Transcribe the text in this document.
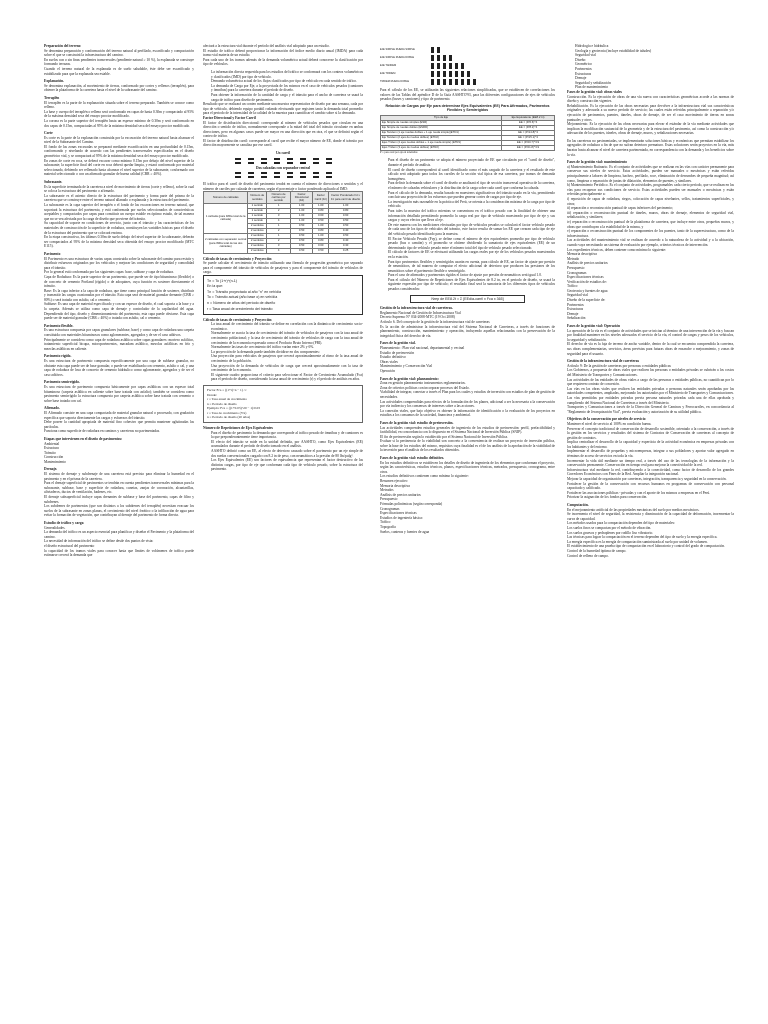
Preparación del terreno

Se denomina preparación y conformación del terreno natural al perfilado, escarificado y compactación sobre el que se construirá la infraestructura del camino.

En suelos con o sin finas pendientes transversales (pendiente natural ≥ 10 %), la explanada se construye formando terrazas.

Cuando el terreno natural de la explanada es de suelo saludable, éste debe ser escarificado y estabilizado para que la explanada sea estable.

Explanación.

Se denomina explanación, al movimiento de tierras, conformado por cortes y rellenos (terraplén), para obtener la plataforma de la carretera hasta el nivel de la subrasante del camino.

Terraplén

El terraplén es la parte de la explanación situada sobre el terreno preparado. También se conoce como relleno.

La base y cuerpo del terraplén o relleno será conformado en capas de hasta 0.30m y compactado al 95% de la máxima densidad seca del ensayo proctor modificado.

La corona es la parte superior del terraplén hasta un espesor mínimo de 0.30m y será conformado en dos capas de 0.15m, compactadas al 95% de la máxima densidad seca del ensayo proctor modificado.

Corte

Es corte es la parte de la explanación construida por la excavación del terreno natural hasta alcanzar el nivel de la Subrasante del Camino.

El fondo de las zonas excavadas se preparará mediante escarificación en una profundidad de 0.15m, conformando y nivelando de acuerdo con las pendientes transversales especificadas en el diseño geométrico vial, y se compactará al 95% de la máxima densidad seca del ensayo proctor modificado.

En zonas de corte en roca, se deberá excavar como mínimo 0.15m por debajo del nivel superior de la subrasante; la superficie final del corte en roca deberá quedar limpia, y estará conformado por material seleccionado, debiendo ser rellenado hasta alcanzar el nivel superior de la subrasante, conformado con material seleccionado o con un afirmado granular de buena calidad (CBR ≥ 40%).

Subrasante.

Es la superficie terminada de la carretera a nivel de movimiento de tierras (corte y relleno), sobre la cual se coloca la estructura del pavimento o afirmado.

La subrasante es el asiento directo de la estructura del pavimento y forma parte del prisma de la carretera que se construye entre el terreno natural allanado o explanada y la estructura del pavimento.

La subrasante es la capa superior del terraplén o el fondo de las excavaciones en terreno natural, que soportará la estructura del pavimento, y está conformada por suelos seleccionados de características aceptables y compactados por capas para constituir un cuerpo estable en óptimo estado, de tal manera que no se vea afectada por la carga de diseño que proviene del tránsito.

Su capacidad de soporte en condiciones de servicio, junto con el tránsito y las características de los materiales de construcción de la superficie de rodadura, constituyen las variables básicas para el diseño de la estructura del pavimento que se colocará encima.

En la etapa constructiva, los últimos 0.30m de suelo debajo del nivel superior de la subrasante, deberán ser compactados al 95% de la máxima densidad seca obtenida del ensayo proctor modificado (MTC E115).

Pavimento

El Pavimento es una estructura de varias capas construida sobre la subrasante del camino para resistir y distribuir esfuerzos originados por los vehículos y mejorar las condiciones de seguridad y comodidad para el tránsito.

Por lo general está conformada por las siguientes capas: base, subbase y capa de rodadura.

Capa de Rodadura: Es la parte superior de un pavimento, que puede ser de tipo bituminoso (flexible) o de concreto de cemento Portland (rígido) o de adoquines, cuya función es sostener directamente el tránsito.

Base: Es la capa inferior a la capa de rodadura, que tiene como principal función de sostener, distribuir y transmitir las cargas ocasionadas por el tránsito. Esta capa será de material granular drenante (CBR ≥ 80%) o será tratada con asfalto, cal o cemento.

Subbase: Es una capa de material especificado y con un espesor de diseño, el cual soporta a la base y a la carpeta. Además se utiliza como capa de drenaje y controlador de la capilaridad del agua. Dependiendo del tipo, diseño y dimensionamiento del pavimento, esta capa puede obviarse. Esta capa puede ser de material granular (CBR ≥ 40%) o tratada con asfalto, cal o cemento.

Pavimento flexible.

Es una estructura compuesta por capas granulares (subbase, base) y como capa de rodadura una carpeta constituida con materiales bituminosos como aglomerantes, agregados y de ser el caso aditivos.

Principalmente se considera como capa de rodadura asfáltica sobre capas granulares: mortero asfáltico, tratamiento superficial bicapa, micropavimentos, macadam asfáltico, mezclas asfálticas en frío y mezclas asfálticas en caliente.

Pavimento rígido.

Es una estructura de pavimento compuesta específicamente por una capa de subbase granular, no obstante esta capa puede ser de base granular, o puede ser estabilizada con cemento, asfalto o cal, y una capa de rodadura de losa de concreto de cemento hidráulico como aglomerante, agregados y de ser el caso aditivos.

Pavimento semirrígido.

Es una estructura de pavimento compuesta básicamente por capas asfálticas con un espesor total bituminoso (carpeta asfáltica en caliente sobre base tratada con asfalto); también se considera como pavimento semirrígido la estructura compuesta por carpeta asfáltica sobre base tratada con cemento o sobre base tratada con cal.

Afirmado.

El Afirmado consiste en una capa compactada de material granular natural o procesado, con gradación específica que soporta directamente las cargas y esfuerzos del tránsito.

Debe poseer la cantidad apropiada de material fino cohesivo que permita mantener aglutinadas las partículas.

Funciona como superficie de rodadura en caminos y carreteras no pavimentadas.

Etapas que intervienen en el diseño de pavimentos:

Ambiental

Estructura

Tránsito

Construcción

Mantenimiento

Drenaje.

El sistema de drenaje y subdrenaje de una carretera está previsto para eliminar la humedad en el pavimento y en el prisma de la carretera.

Para el drenaje superficial de pavimentos se tendrán en cuenta pendientes transversales mínimas para la subrasante, subbase, base y superficie de rodadura, cunetas, zanjas de coronación, alcantarillas, aliviaderos, ductos de ventilación, badenes, etc.

El drenaje subsuperficial incluye capas drenantes de subbase y base del pavimento, capas de filtro y subdrenes.

Los subdrenes de pavimentos (que son distintos a los subdrenes del terraplén) necesitan evacuar los suelos de la subrasante en zonas planas, el crecimiento del nivel freático o la infiltración de agua para evitar la formación de vegetación, que contribuyan al drenaje del pavimento de forma directa.

Estudio de tráfico y carga

Generalidades.

La demanda del tráfico es un aspecto esencial para planificar y diseñar el Pavimento y la plataforma del camino.

La necesidad de información del tráfico se define desde dos puntos de vista:

el diseño estructural del pavimento

la capacidad de los tramos viales para conocer hasta que límites de volúmenes de tráfico puede estimarse crecerá la demanda que

afectará a la estructura vial durante el período del análisis vial adoptado para un estudio.

El estudio de tráfico deberá proporcionar la información del índice medio diario anual (IMDA) para cada tramo vial materia de un estudio.

Para cada uno de los tramos además de la demanda volumétrica actual deberá conocerse la clasificación por tipo de vehículos.

• La información directa requerida para los estudios del tráfico se conformará con los conteos volumétricos y clasificados (IMD) por tipo de vehículo.
• Demanda volumétrica actual de los flujos clasificados por tipo de vehículo en cada sentido de tráfico.
• La demanda de Carga por Eje, a la proyectada de los mismos en el caso de vehículos pesados (camiones y ómnibus) para la carretera durante el período de diseño.
• Para obtener la información de la cantidad de carga y el tránsito para el ancho de carretera se usará la carga de tráfico para diseño de pavimentos.

Resultado que se realizará un conteo mediante una muestra representativa de diseño por una semana, cada por tipo de vehículo, debiendo equipo portátil rodando efectuando que registren tanto la demanda total promedio para el periodo de la intensidad de la calidad de la muestra para cuantificar el cambio sobre si la demanda.

Factor Direccional y Factor Carril

El factor de distribución direccional: corresponde al número de vehículos pesados que circulan en una dirección o sentido de tráfico, normalmente corresponde a la mitad del total del tránsito circulante en ambas direcciones, pero en algunos casos puede ser mayor en una dirección que en otra, el que se definirá según el conteo de tráfico.

El factor de distribución carril: corresponde al carril que recibe el mayor número de EE, donde el tránsito por dirección mayormente se canaliza por ese carril.

Un carril
Dos calzadas con separador central

El tráfico para el carril de diseño del pavimento tendrá en cuenta el número de direcciones o sentidos y el número de carriles por calzada de carretera, según el porcentaje o factor ponderado aplicado al IMD:

Número de calzadas	Número de sentidos	Número de carriles por sentido	Factor Direccional (Fd)	Factor Carril (Fc)	Factor Ponderado Fd x Fc para carril de diseño
1 calzada (para IMDa total de la calzada)	1 sentido	1	1.00	1.00	1.00
	1 sentido	2	1.00	0.80	0.80
	1 sentido	3	1.00	0.60	0.60
	1 sentido	4	1.00	0.50	0.50
	2 sentidos	1	0.50	1.00	0.50
	2 sentidos	2	0.50	0.80	0.40
2 calzadas con separador central (para IMDa total de las dos calzadas)	2 sentidos	1	0.50	1.00	0.50
	2 sentidos	2	0.50	0.80	0.40
	2 sentidos	3	0.50	0.60	0.30
	2 sentidos	4	0.50	0.50	0.25

Cálculo de tasas de crecimiento y Proyección

Se puede calcular el crecimiento de tránsito utilizando una fórmula de progresión geométrica por separado para el componente del tránsito de vehículos de pasajeros y para el componente del tránsito de vehículos de carga.

Tn = To (1+r)^(n-1)
En la que:
Tn = Tránsito proyectado al año "n" en veh/día
To = Tránsito actual (año base o) en veh/día
n = Número de años del período de diseño
r = Tasa anual de crecimiento del tránsito

Cálculo de tasas de crecimiento y Proyección

• La tasa anual de crecimiento del tránsito se define en correlación con la dinámica de crecimiento socio-económico.
• Normalmente se asocia la tasa de crecimiento del tránsito de vehículos de pasajeros con la tasa anual de crecimiento poblacional; y la tasa de crecimiento del tránsito de vehículos de carga con la tasa anual de crecimiento de la economía expresada como el Producto Bruto Interno (PBI).
• Normalmente las tasas de crecimiento del tráfico varían entre 2% y 6%.
• La proyección de la demanda puede también dividirse en dos componentes:
• Una proyección para vehículos de pasajeros que crecerá aproximadamente al ritmo de la tasa anual de crecimiento de la población.
• Una proyección de la demanda de vehículos de carga que crecerá aproximadamente con la tasa de crecimiento de la economía.
• El siguiente cuadro proporciona el criterio para seleccionar el Factor de Crecimiento Acumulado (Fca) para el período de diseño, considerando la tasa anual de crecimiento (r) y el período de análisis en años.
Factor Fca = ((1+r)^n − 1) / r
Donde:
r = Tasa anual de crecimiento
n = Período de diseño
Ejemplo: Fca = ((1+0.03)^20 − 1)/0.03
r = Tasa de crecimiento (3%)
n = Período de diseño (20 años)

Número de Repeticiones de Ejes Equivalentes

• Para el diseño de pavimento la demanda que corresponde al tráfico pesado de ómnibus y de camiones es la que preponderantemente tiene importancia.
• El efecto del tránsito se mide en la unidad definida, por AASHTO, como Ejes Equivalentes (EE) acumulados durante el período de diseño tomado en el análisis.
• AASHTO definió como un EE, al efecto de deterioro causado sobre el pavimento por un eje simple de dos ruedas convencionales cargado con 8.2 tn de peso, con neumáticos a la presión de 80 lbs/pulg².
• Los Ejes Equivalentes (EE) son factores de equivalencia que representan el factor destructivo de las distintas cargas, por tipo de eje que conforman cada tipo de vehículo pesado, sobre la estructura del pavimento.
EJE SIMPLE RUEDA SIMPLE
EJE SIMPLE RUEDA DOBLE
EJE TANDEM
EJE TRIDEM
TRIDEM RUEDA DOBLE

Para el cálculo de los EE, se utilizarán las siguientes relaciones simplificadas, que se establecen de correlaciones los valores de las Tablas del apéndice D de la Guía AASHTO'93, para las diferentes configuraciones de ejes de vehículos pesados (buses y camiones) y tipo de pavimento.

Relación de Cargas por Eje para determinar Ejes Equivalentes (EE) Para Afirmados, Pavimentos Flexibles y Semirrígidos
Tipo de Eje	Eje Equivalente (EE8.2 tn)
Eje Simple de ruedas simples (ESR)	EE = (P/6.6)^4
Eje Simple de ruedas dobles (ESRD)	EE = (P/8.2)^4
Eje Tandem (1 eje ruedas dobles + 1 eje rueda simple)(ETD1)	EE = (P/14.8)^4
Eje Tandem (2 ejes de ruedas dobles) (ETD2)	EE = (P/15.1)^4
Ejes Tridem (2 ejes ruedas dobles + 1 eje rueda simple) (ETR1)	EE = (P/20.7)^3.9
Ejes Tridem (3 ejes de ruedas dobles) (ETR2)	EE = (P/21.8)^3.9
P = peso real por eje en toneladas
• Para el diseño de un pavimento se adopta el número proyectado de EE que circularán por el "carril de diseño", durante el período de análisis.
• El carril de diseño corresponderá al carril identificado como el más cargado de la carretera y el resultado de este cálculo será adoptado para todos los carriles de la sección vial típica de esa carretera, por tramos de demanda homogénea.
• Para definir la demanda sobre el carril de diseño se analizará el tipo de sección transversal operativa de la carretera, el número de calzadas vehiculares y la distribución de la carga sobre cada carril que conforma la calzada.
• Para el cálculo de la demanda, resulta basado en muestreos significativos del tránsito usado en la vía, permitiendo concluir una proyección de los esfuerzos que pueden generar cortes de cargas por tipo de eje.
• La investigación más razonable en la práctica del Perú, se orienta a la consideración máxima de la carga por tipo de vehículo.
• Para tales la muestra del tráfico mientras se consentrara en el tráfico pesado con la finalidad de obtener una información detallada permitiendo promedio la carga real por tipo de vehículo muestreado por tipo de eje y sus cargas y cuyos efectos que lleva al eje.
• De este manera con los mediciones efectuadas por tipo de vehículos pesados se calculará el factor vehículo pesado de cada uno de los tipos de vehículos del tránsito, este factor resulta de sumar los EE que crearan cada tipo de eje del vehículo pesado identificado para la muestra.
• El Factor Vehículo Pesado (Fvp), se define como el número de ejes equivalentes promedio por tipo de vehículo pesado (bus o camión) y el promedio se obtiene dividiendo la sumatoria de ejes equivalentes (EE) de un determinado tipo de vehículo pesado entre el número total del tipo de vehículo pesado seleccionado.
• El cálculo de factores de EE se efectuará utilizando las cargas reales por eje de los vehículos pesados muestreados en la estación.
• Para tipo pavimentos flexibles y semirrígidos usarán en cuenta, para cálculo de EE, un factor de ajuste por presión de neumáticos, de tal manera de computar el efecto adicional de deterioro que producen las presiones de los neumáticos sobre el pavimento flexible o semirrígido.
• Para el caso de afirmados y pavimentos rígidos el factor de ajuste por presión de neumáticos será igual 1.0.
• Para el cálculo del Número de Repeticiones de Ejes Equivalentes de 8.2 tn, en el periodo de diseño, se usará la siguiente expresión por tipo de vehículo; el resultado final será la sumatoria de los diferentes tipos de vehículos pesados considerados:
Nrep de EE8.2t = Σ [EEdía-carril x Fca x 365]

Gestión de la infraestructura vial de carreteras.

Reglamento Nacional de Gestión de Infraestructura Vial

Decreto Supremo N° 034-2008-MTC (19 Oct 2008)

Artículo 6. Del concepto de la gestión de la infraestructura vial de carreteras

Es la acción de administrar la infraestructura vial del Sistema Nacional de Carreteras, a través de funciones de planeamiento, construcción, mantenimiento y operación, incluyendo aquellas relacionadas con la preservación de la integridad física del derecho de vía.

Fases de la gestión vial.

Planeamiento : Plan vial nacional, departamental y vecinal

Estudio de preinversión

Estudio definitivo

Obras viales

Mantenimiento y Conservación Vial

Operación

Fases de la gestión vial: planeamiento:

Zona en gestión planeamiento instrumentos reglamentarios.

Zona de criterios políticas con incorporar procesos del Estado.

Viabilidad de integrar, conectar a través el Plan para los cuales y estudios de inversión con estudios de plan de gestión de necesidades.

Las actividades comprendidas para efectos de la formulación de los planes, adicional a ser la necesaria a la conservación por vía indirecta y los consensos de intereses sobre a las acciones.

La conexión viales, que bajo objetivo es obtener la información de identificación o la evaluación de los proyectos en estudios a los consumos de la sociedad, financiera y ambiental.

Fases de la gestión vial: estudio de preinversión.

Las actividades comprenden estudios generales de ingeniería de los estudios de preinversión: perfil, prefactibilidad y factibilidad, en concordancia con lo dispuesto en el Sistema Nacional de Inversión Pública (SNIP).

El fin de preinversión según lo establecido por el Sistema Nacional de Inversión Pública.

Evaluar si la pertinencia de la viabilidad son concreto a la conveniencia de realizar un proyecto de inversión pública, sobre la base de los estudios del mismo, requisitos cuya finalidad es el de los análisis de la aprobación de la viabilidad de la inversión para el análisis de los resultados obtenidos.

Fases de la gestión vial: estudio definitivo.

En los estudios definitivos se establecen los detalles de diseño de ingeniería de los elementos que conforman el proyecto, según las características, estudios técnicos, planos, especificaciones técnicas, metrados, presupuesto, cronograma, entre otros.

Los estudios definitivos contienen como mínimo lo siguiente:

Resumen ejecutivo

Memoria descriptiva

Metrados

Análisis de precios unitarios

Presupuesto

Fórmulas polinómicas (según corresponda)

Cronogramas

Especificaciones técnicas

Estudios de ingeniería básica:

Tráfico

Topografía

Suelos, canteras y fuentes de agua

• Hidrología e hidráulica
• Geología y geotecnia (incluye estabilidad de taludes)
• Seguridad vial
• Diseño:
• Geométrico
• Pavimentos
• Estructuras
• Drenaje
• Seguridad y señalización
• Plan de mantenimiento

Fases de la gestión vial: obras viales

Construcción. Es la ejecución de obras de una vía nueva con características geométricas acorde a las normas de diseño y construcción vigentes.

Rehabilitación. Es la ejecución de las obras necesarias para devolver a la infraestructura vial sus características originales y adecuarla a su nuevo período de servicio; las cuales están referidas principalmente a reparación y/o ejecución de pavimentos, puentes, túneles, obras de drenaje, de ser el caso movimiento de tierras en zonas puntuales y otros.

Mejoramiento. Es la ejecución de las obras necesarias para elevar el estándar de la vía mediante actividades que implican la modificación sustancial de la geometría y de la estructura del pavimento, así como la construcción y/o adecuación de los puentes, túneles, obras de drenaje, muros, y señalizaciones necesarias.

En las carreteras no pavimentadas, se implementarán soluciones básicas y económicas que permitan estabilizar los agregados de rodadura a fin de que no sufran deterioro prematuro. Estas soluciones serán proyectos en la vía, más baratas hasta alcanzar el nivel de carretera pavimentada, en correspondencia con la demanda y los beneficios sobre la vía.

Fases de la gestión vial: mantenimiento

a) Mantenimiento Rutinario. Es el conjunto de actividades que se realizan en las vías con carácter permanente para conservar sus niveles de servicio. Estas actividades, pueden ser manuales o mecánicas y están referidas principalmente a labores de limpieza, bacheo, perfilado, roce, eliminación de derrumbes de pequeña magnitud; así como, limpieza o reparación de juntas de dilatación, elementos de puentes, y similares.

b) Mantenimiento Periódico. Es el conjunto de actividades, programables cada cierto período, que se realizan en las vías para recuperar sus condiciones de servicio. Estas actividades pueden ser manuales o mecánicas y están referidas principalmente a:

i) reposición de capas de rodadura, riegos, colocación de capas nivelantes, sellos, tratamientos superficiales, y otros;

ii) reparación o reconstrucción puntual de capas inferiores del pavimento;

iii) reparación o reconstrucción puntual de túneles, muros, obras de drenaje, elementos de seguridad vial, señalización, y similares;

iv) reparación o reconstrucción puntual de la plataforma de carretera, que incluye entre otros, pequeños muros, y obras que contribuyan a la estabilidad de la misma, y

v) reparación o reconstrucción puntual de los componentes de los puentes, tanto de la superestructura, como de la infraestructura.

Las actividades del mantenimiento vial se realizan de acuerdo a la naturaleza de la actividad y a la ubicación, cuando vaya necesitando un sistema de evaluación por ejemplo, criterios técnicos de intervención.

Los expedientes técnicos, deben contener como mínimo lo siguiente:

Memoria descriptiva

Metrado

Análisis de precios unitarios

Presupuesto

Cronogramas

Especificaciones técnicas

Verificación de estudios de:

Tráfico

Geotecnia y fuentes de agua

Seguridad vial

Diseño de la superficie de:

Pavimentos

Estructuras

Drenaje

Señalización

Fases de la gestión vial: Operación

La operación de la vía es el conjunto de actividades que se inician al término de una intervención de la vía y buscan por finalidad mantener en los niveles adecuados el servicio de la vía, el control de cargas y pesos de los vehículos, la seguridad y señalización.

El derecho de vía es la faja de terreno de ancho variable, dentro de la cual se encuentra comprendida la carretera, sus obras complementarias, servicios, áreas previstas para futuras obras de ensanche o mejoramiento, y zonas de seguridad para el usuario.

Gestión de la infraestructura vial de carreteras

Artículo 9: De la gestión de carreteras por personas o entidades públicas

Los Gobiernos, a propuesta de obras viales que realicen las personas o entidades privadas se cubrirán a los costos del Ministerio de Transportes y Comunicaciones.

Las actividades de las entidades de obras viales a cargo de las personas o entidades públicas, no cuantifican por lo que requieren contrato de concesión.

Las vías en las obras viales que realicen las entidades privadas o personas naturales serán aprobadas por las autoridades competentes, ampliadas, mejorando los autorizados por el Ministerio de Transportes y Comunicaciones.

Las vías permitidas por entidades privadas previa persona naturales privadas cada una de ellas aprobada y cumpliendo del Sistema Nacional de Carreteras a través del Ministerio.

Transportes y Comunicaciones a través de la Dirección General de Caminos y Ferrocarriles, en concordancia al "Reglamento de Jerarquización Vial", previa evaluación y autorización de su utilidad pública.

Objetivos de la conservación por niveles de servicio

Mantener el nivel de servicio al 100% en condición buena.

Preservar el concepto tradicional de conservación de desarrollo sostenible, orientado a la conservación, a través de la gestión en los servicios y resultados del sistema de Contratos de Conservación de carreteras al concepto de gestión de contratos.

Implica centralizar el desarrollo de la capacidad y experticia de la actividad económica en empresas privadas con los habitantes y del entorno.

Implementar el desarrollo de pequeñas y microempresas, integrar a sus pobladores y aportar valor agregado en términos de acceso de servicios en toda la vía.

Incrementar la vida útil mediante un tiempo real, a través del uso de las tecnologías de la información y la conservación permanente. Conservación en tiempo real para mejorar la conectividad de la red.

Infraestructura vial mediante la red, contribuyendo a la conectividad, como factor de desarrollo de los grandes Corredores Económicos con Fines de la Red. Ampliar la integración nacional.

Mejorar la capacidad de organización por carreteras, integración, transparencia y seguridad en la conservación.

Fortalecer la gestión de la conservación con recursos humanos en programas de conservación con personal capacitado y calificado.

Fortalecer las asociaciones públicas - privadas y con el aporte de los mismos a empresas en el Perú.

Priorizar la asignación de los fondos para conservación.

Computación.

En el mejoramiento artificial de las propiedades mecánicas del suelo por medios mecánicos.

Se incrementa el nivel de seguridad, la resistencia y disminución de la capacidad de deformación, incrementar la curva de capacidad.

Los métodos usados para la compactación dependen del tipo de materiales:

Los suelos finos se compactan por el método de vibración.

Los suelos gruesos y pedraplenes por rodillo liso vibratorio.

Las técnicas para lograr la compactación en el terreno dependen del tipo de suelo y la energía específica.

La energía específica es la energía de compactación suministrada al suelo por unidad de volumen.

El establecimiento de una prueba tipo de compactación en el laboratorio y control del grado de compactación.

Control de la humedad óptima de campo.

Control de relleno de campo.
